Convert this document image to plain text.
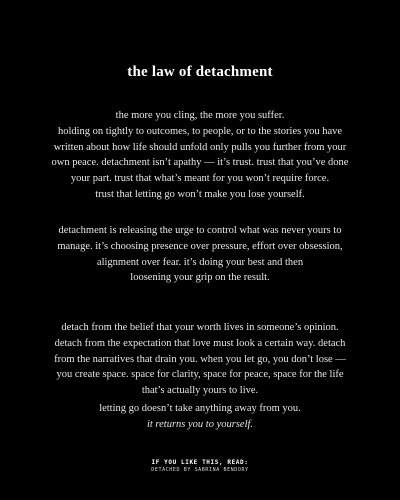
the law of detachment
the more you cling, the more you suffer.
holding on tightly to outcomes, to people, or to the stories you have
written about how life should unfold only pulls you further from your
own peace. detachment isn’t apathy — it’s trust. trust that you’ve done
your part. trust that what’s meant for you won’t require force.
trust that letting go won’t make you lose yourself.
detachment is releasing the urge to control what was never yours to
manage. it’s choosing presence over pressure, effort over obsession,
alignment over fear. it’s doing your best and then
loosening your grip on the result.
detach from the belief that your worth lives in someone’s opinion.
detach from the expectation that love must look a certain way. detach
from the narratives that drain you. when you let go, you don’t lose —
you create space. space for clarity, space for peace, space for the life
that’s actually yours to live.
letting go doesn’t take anything away from you.
it returns you to yourself.
IF YOU LIKE THIS, READ:
DETACHED BY SABRINA BENDORY
